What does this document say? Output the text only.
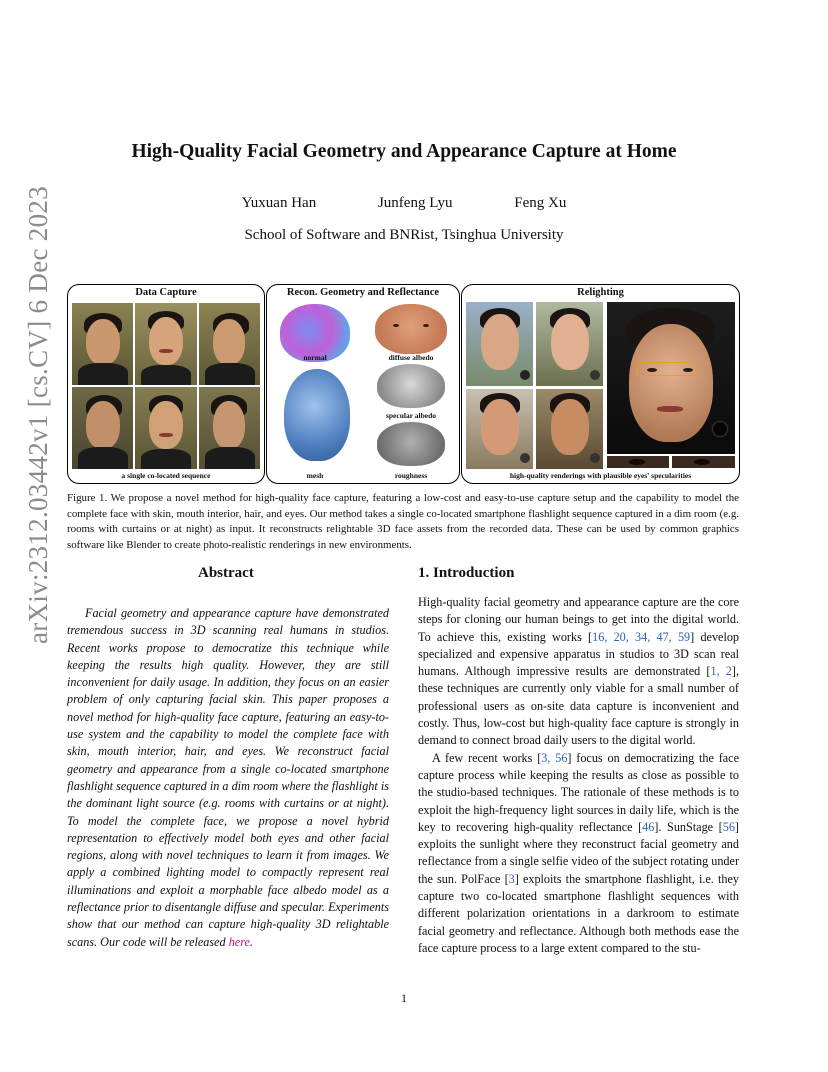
arXiv:2312.03442v1 [cs.CV] 6 Dec 2023
High-Quality Facial Geometry and Appearance Capture at Home
Yuxuan Han	Junfeng Lyu	Feng Xu
School of Software and BNRist, Tsinghua University
Data Capture
a single co-located sequence
Recon. Geometry and Reflectance
normal	diffuse albedo
specular albedo
mesh	roughness
Relighting
high-quality renderings with plausible eyes' specularities
Figure 1. We propose a novel method for high-quality face capture, featuring a low-cost and easy-to-use capture setup and the capability to model the complete face with skin, mouth interior, hair, and eyes. Our method takes a single co-located smartphone flashlight sequence captured in a dim room (e.g. rooms with curtains or at night) as input. It reconstructs relightable 3D face assets from the recorded data. These can be used by common graphics software like Blender to create photo-realistic renderings in new environments.
Abstract	1. Introduction
Facial geometry and appearance capture have demonstrated tremendous success in 3D scanning real humans in studios. Recent works propose to democratize this technique while keeping the results high quality. However, they are still inconvenient for daily usage. In addition, they focus on an easier problem of only capturing facial skin. This paper proposes a novel method for high-quality face capture, featuring an easy-to-use system and the capability to model the complete face with skin, mouth interior, hair, and eyes. We reconstruct facial geometry and appearance from a single co-located smartphone flashlight sequence captured in a dim room where the flashlight is the dominant light source (e.g. rooms with curtains or at night). To model the complete face, we propose a novel hybrid representation to effectively model both eyes and other facial regions, along with novel techniques to learn it from images. We apply a combined lighting model to compactly represent real illuminations and exploit a morphable face albedo model as a reflectance prior to disentangle diffuse and specular. Experiments show that our method can capture high-quality 3D relightable scans. Our code will be released here.

High-quality facial geometry and appearance capture are the core steps for cloning our human beings to get into the digital world. To achieve this, existing works [16, 20, 34, 47, 59] develop specialized and expensive apparatus in studios to 3D scan real humans. Although impressive results are demonstrated [1, 2], these techniques are currently only viable for a small number of professional users as on-site data capture is inconvenient and costly. Thus, low-cost but high-quality face capture is strongly in demand to connect broad daily users to the digital world.

A few recent works [3, 56] focus on democratizing the face capture process while keeping the results as close as possible to the studio-based techniques. The rationale of these methods is to exploit the high-frequency light sources in daily life, which is the key to recovering high-quality reflectance [46]. SunStage [56] exploits the sunlight where they reconstruct facial geometry and reflectance from a single selfie video of the subject rotating under the sun. PolFace [3] exploits the smartphone flashlight, i.e. they capture two co-located smartphone flashlight sequences with different polarization orientations in a darkroom to estimate facial geometry and reflectance. Although both methods ease the face capture process to a large extent compared to the stu-

1
